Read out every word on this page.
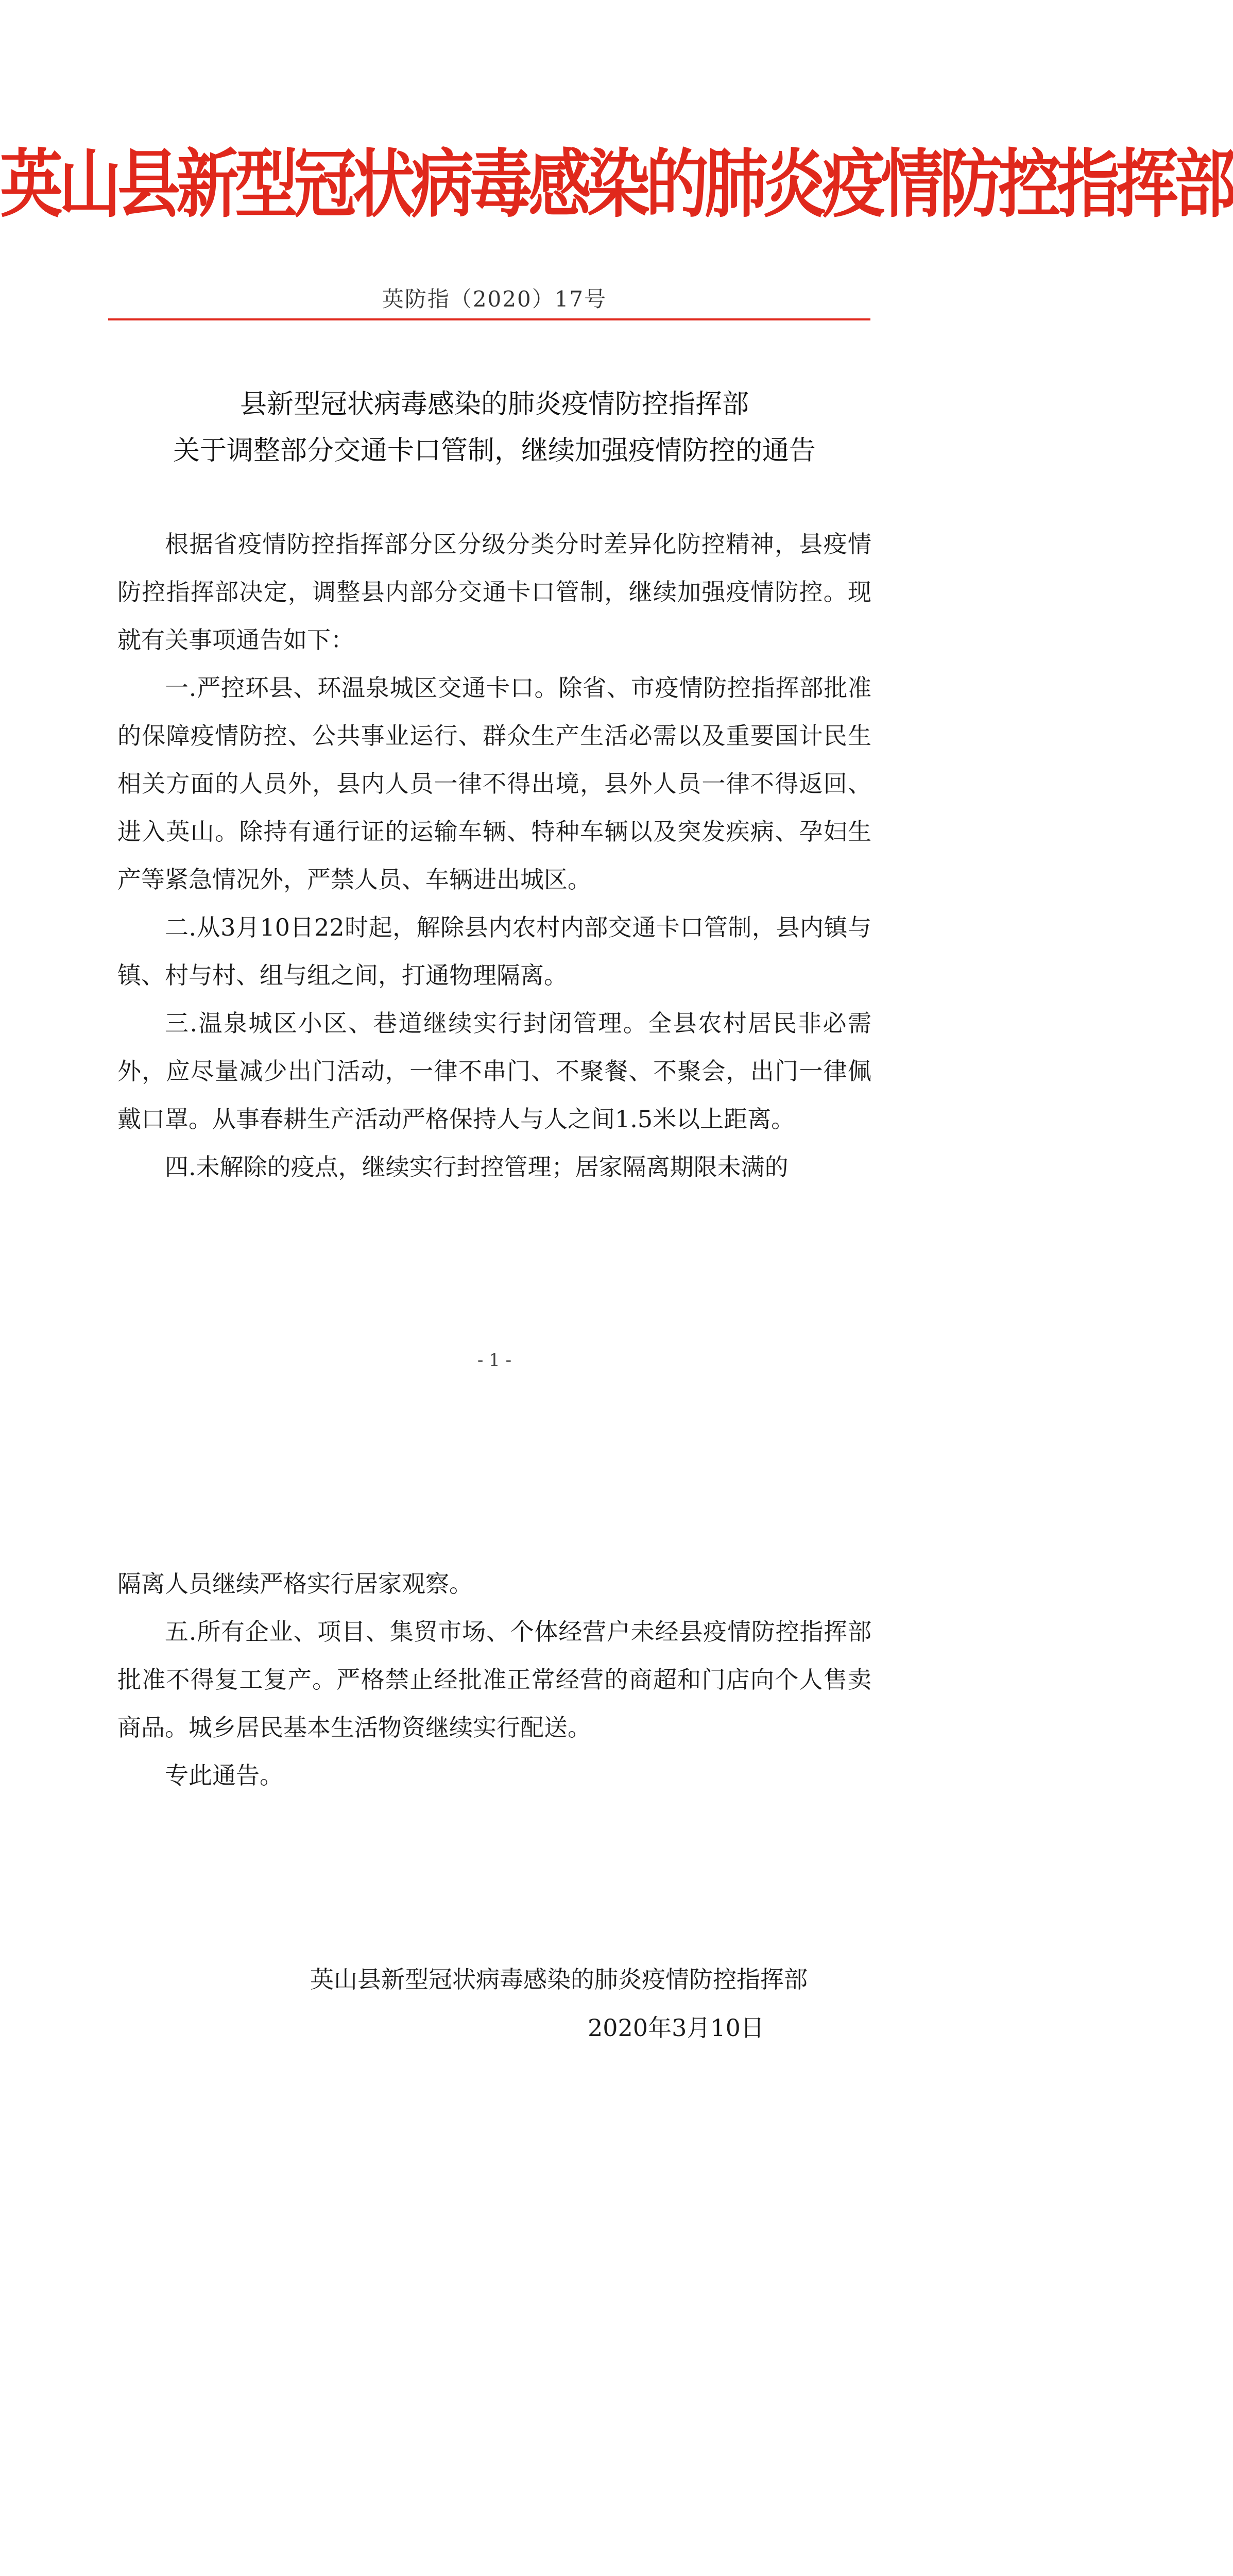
英山县新型冠状病毒感染的肺炎疫情防控指挥部
英防指（2020）17号
县新型冠状病毒感染的肺炎疫情防控指挥部
关于调整部分交通卡口管制，继续加强疫情防控的通告

根据省疫情防控指挥部分区分级分类分时差异化防控精神，县疫情防控指挥部决定，调整县内部分交通卡口管制，继续加强疫情防控。现就有关事项通告如下：

一.严控环县、环温泉城区交通卡口。除省、市疫情防控指挥部批准的保障疫情防控、公共事业运行、群众生产生活必需以及重要国计民生相关方面的人员外，县内人员一律不得出境，县外人员一律不得返回、进入英山。除持有通行证的运输车辆、特种车辆以及突发疾病、孕妇生产等紧急情况外，严禁人员、车辆进出城区。

二.从3月10日22时起，解除县内农村内部交通卡口管制，县内镇与镇、村与村、组与组之间，打通物理隔离。

三.温泉城区小区、巷道继续实行封闭管理。全县农村居民非必需外，应尽量减少出门活动，一律不串门、不聚餐、不聚会，出门一律佩戴口罩。从事春耕生产活动严格保持人与人之间1.5米以上距离。

四.未解除的疫点，继续实行封控管理；居家隔离期限未满的

- 1 -

隔离人员继续严格实行居家观察。

五.所有企业、项目、集贸市场、个体经营户未经县疫情防控指挥部批准不得复工复产。严格禁止经批准正常经营的商超和门店向个人售卖商品。城乡居民基本生活物资继续实行配送。

专此通告。

英山县新型冠状病毒感染的肺炎疫情防控指挥部
2020年3月10日
